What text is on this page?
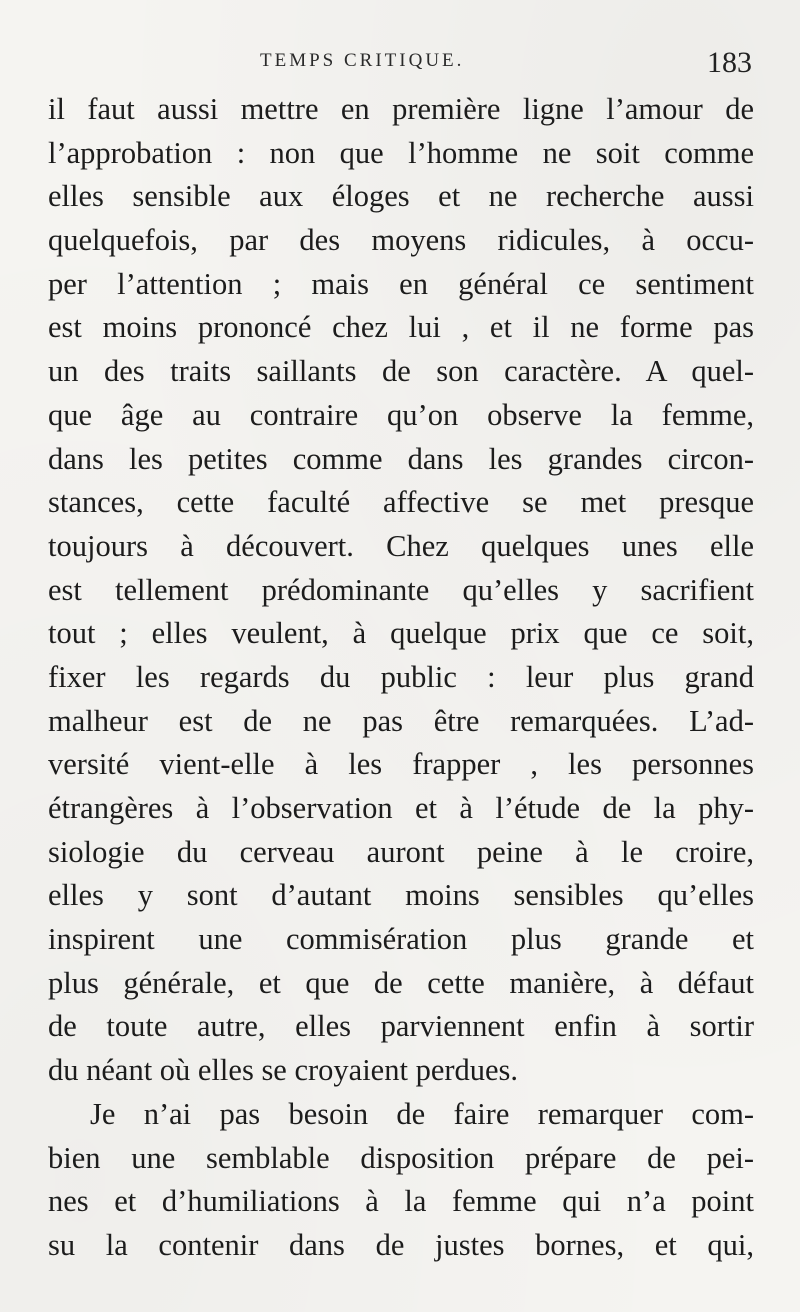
TEMPS CRITIQUE.	183
il faut aussi mettre en première ligne l’amour de
l’approbation : non que l’homme ne soit comme
elles sensible aux éloges et ne recherche aussi
quelquefois, par des moyens ridicules, à occu-
per l’attention ; mais en général ce sentiment
est moins prononcé chez lui , et il ne forme pas
un des traits saillants de son caractère. A quel-
que âge au contraire qu’on observe la femme,
dans les petites comme dans les grandes circon-
stances, cette faculté affective se met presque
toujours à découvert. Chez quelques unes elle
est tellement prédominante qu’elles y sacrifient
tout ; elles veulent, à quelque prix que ce soit,
fixer les regards du public : leur plus grand
malheur est de ne pas être remarquées. L’ad-
versité vient-elle à les frapper , les personnes
étrangères à l’observation et à l’étude de la phy-
siologie du cerveau auront peine à le croire,
elles y sont d’autant moins sensibles qu’elles
inspirent une commisération plus grande et
plus générale, et que de cette manière, à défaut
de toute autre, elles parviennent enfin à sortir
du néant où elles se croyaient perdues.
Je n’ai pas besoin de faire remarquer com-
bien une semblable disposition prépare de pei-
nes et d’humiliations à la femme qui n’a point
su la contenir dans de justes bornes, et qui,
